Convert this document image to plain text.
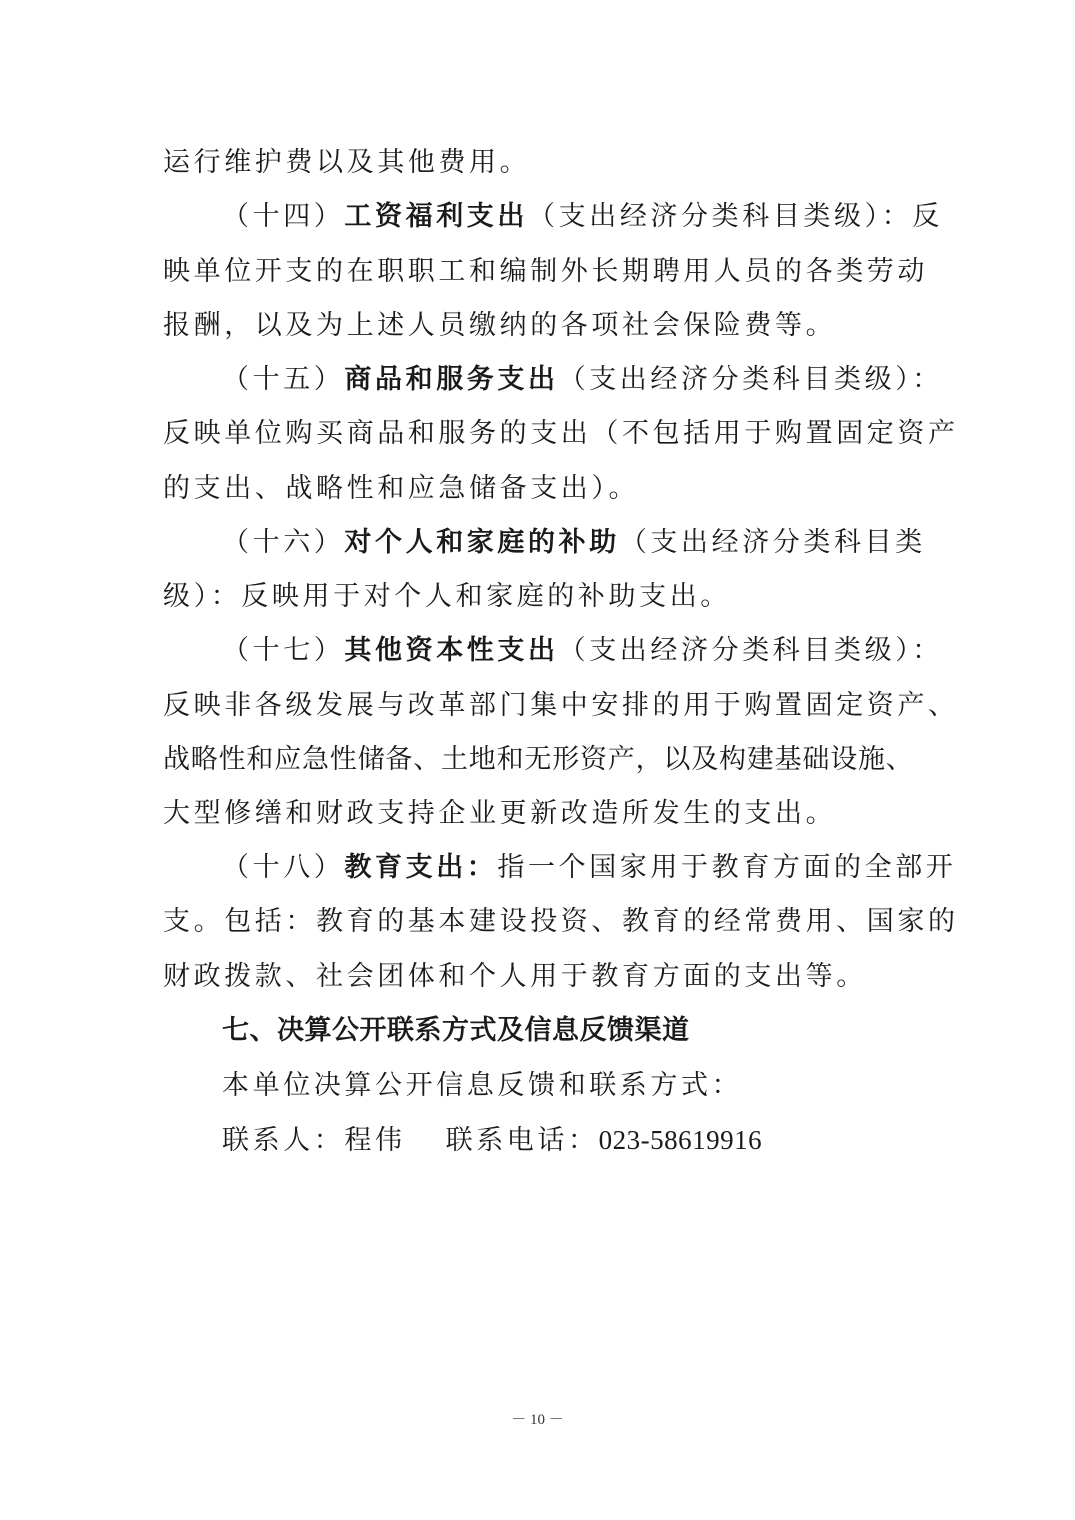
运行维护费以及其他费用。
（十四）工资福利支出（支出经济分类科目类级）：反
映单位开支的在职职工和编制外长期聘用人员的各类劳动
报酬，以及为上述人员缴纳的各项社会保险费等。
（十五）商品和服务支出（支出经济分类科目类级）：
反映单位购买商品和服务的支出（不包括用于购置固定资产
的支出、战略性和应急储备支出）。
（十六）对个人和家庭的补助（支出经济分类科目类
级）：反映用于对个人和家庭的补助支出。
（十七）其他资本性支出（支出经济分类科目类级）：
反映非各级发展与改革部门集中安排的用于购置固定资产、
战略性和应急性储备、土地和无形资产，以及构建基础设施、
大型修缮和财政支持企业更新改造所发生的支出。
（十八）教育支出：指一个国家用于教育方面的全部开
支。包括：教育的基本建设投资、教育的经常费用、国家的
财政拨款、社会团体和个人用于教育方面的支出等。
七、决算公开联系方式及信息反馈渠道
本单位决算公开信息反馈和联系方式：
联系人：程伟 联系电话：023-58619916
－ 10 －
